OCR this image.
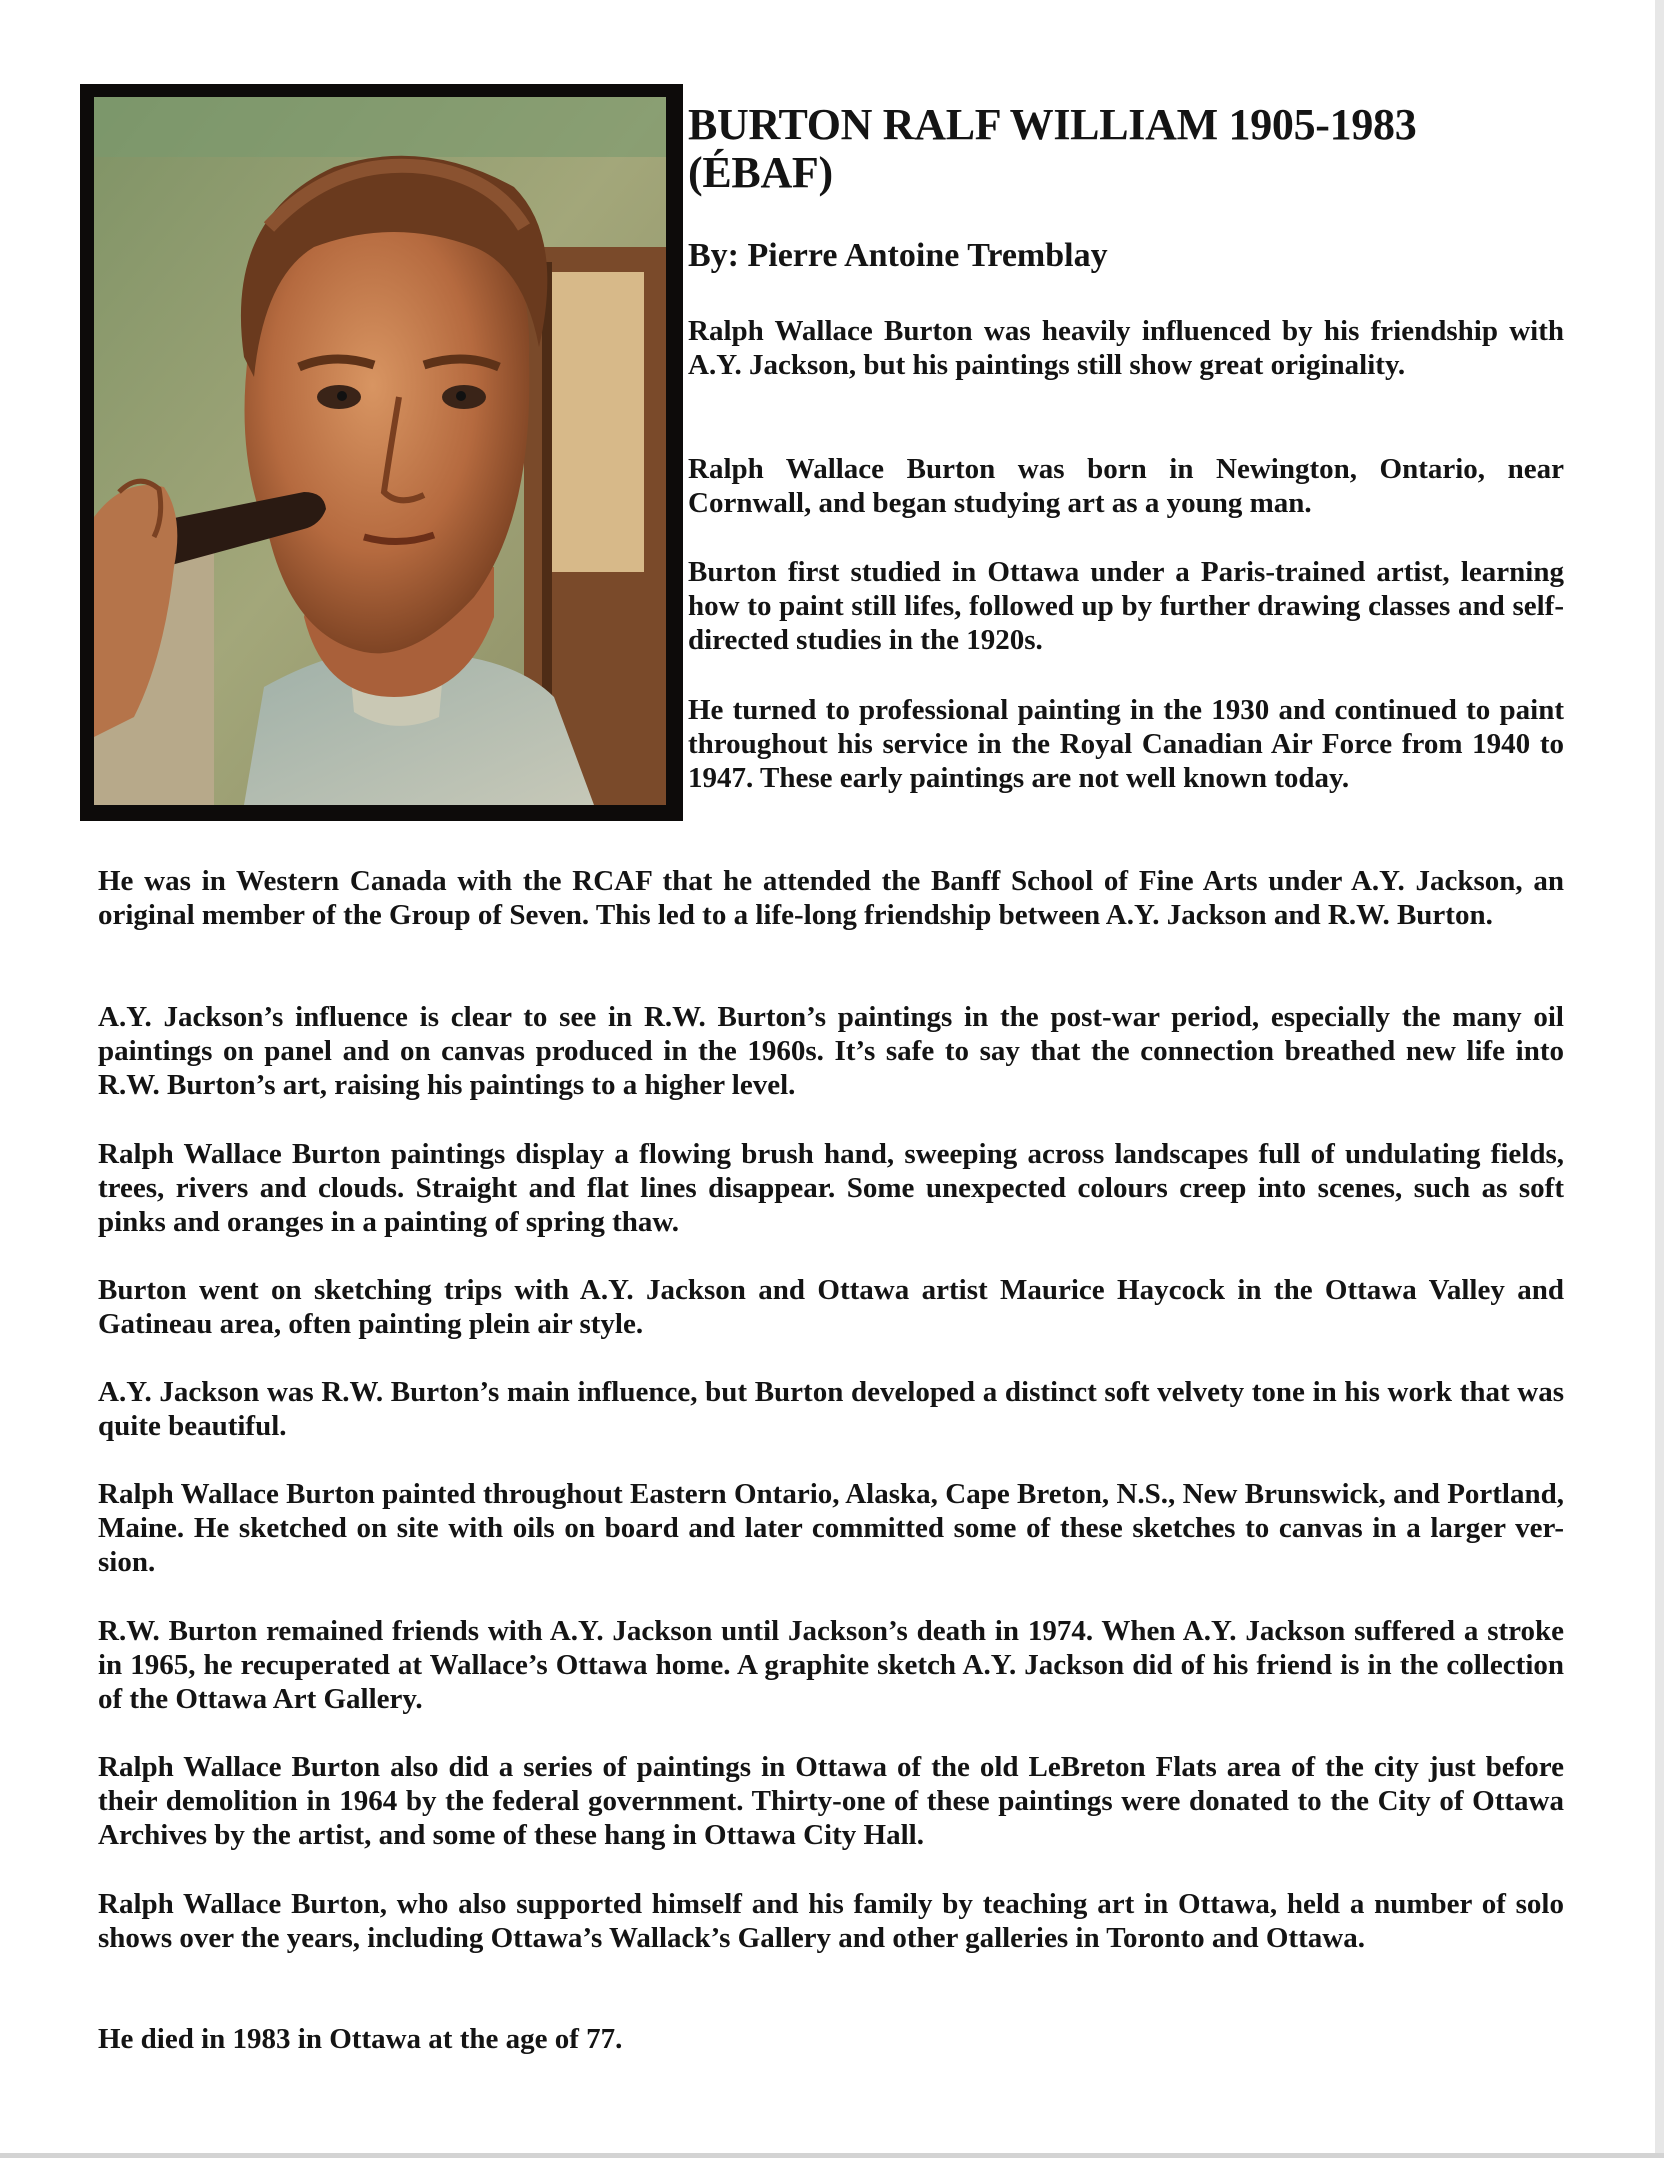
BURTON RALF WILLIAM 1905-1983
(ÉBAF)

By: Pierre Antoine Tremblay

Ralph Wallace Burton was heavily influenced by his friendship with A.Y. Jackson, but his paintings still show great originality.

Ralph Wallace Burton was born in Newington, Ontario, near Cornwall, and began studying art as a young man.

Burton first studied in Ottawa under a Paris-trained artist, learning how to paint still lifes, followed up by further drawing classes and self-directed studies in the 1920s.

He turned to professional painting in the 1930 and continued to paint throughout his service in the Royal Canadian Air Force from 1940 to 1947. These early paintings are not well known today.

He was in Western Canada with the RCAF that he attended the Banff School of Fine Arts under A.Y. Jackson, an original member of the Group of Seven. This led to a life-long friendship between A.Y. Jackson and R.W. Burton.

A.Y. Jackson’s influence is clear to see in R.W. Burton’s paintings in the post-war period, especially the many oil paintings on panel and on canvas produced in the 1960s. It’s safe to say that the connection breathed new life into R.W. Burton’s art, raising his paintings to a higher level.

Ralph Wallace Burton paintings display a flowing brush hand, sweeping across landscapes full of undulating fields, trees, rivers and clouds. Straight and flat lines disappear. Some unexpected colours creep into scenes, such as soft pinks and oranges in a painting of spring thaw.

Burton went on sketching trips with A.Y. Jackson and Ottawa artist Maurice Haycock in the Ottawa Valley and Gatineau area, often painting plein air style.

A.Y. Jackson was R.W. Burton’s main influence, but Burton developed a distinct soft velvety tone in his work that was quite beautiful.

Ralph Wallace Burton painted throughout Eastern Ontario, Alaska, Cape Breton, N.S., New Brunswick, and Portland, Maine. He sketched on site with oils on board and later committed some of these sketches to canvas in a larger ver-sion.

R.W. Burton remained friends with A.Y. Jackson until Jackson’s death in 1974. When A.Y. Jackson suffered a stroke in 1965, he recuperated at Wallace’s Ottawa home. A graphite sketch A.Y. Jackson did of his friend is in the collection of the Ottawa Art Gallery.

Ralph Wallace Burton also did a series of paintings in Ottawa of the old LeBreton Flats area of the city just before their demolition in 1964 by the federal government. Thirty-one of these paintings were donated to the City of Ottawa Archives by the artist, and some of these hang in Ottawa City Hall.

Ralph Wallace Burton, who also supported himself and his family by teaching art in Ottawa, held a number of solo shows over the years, including Ottawa’s Wallack’s Gallery and other galleries in Toronto and Ottawa.

He died in 1983 in Ottawa at the age of 77.
